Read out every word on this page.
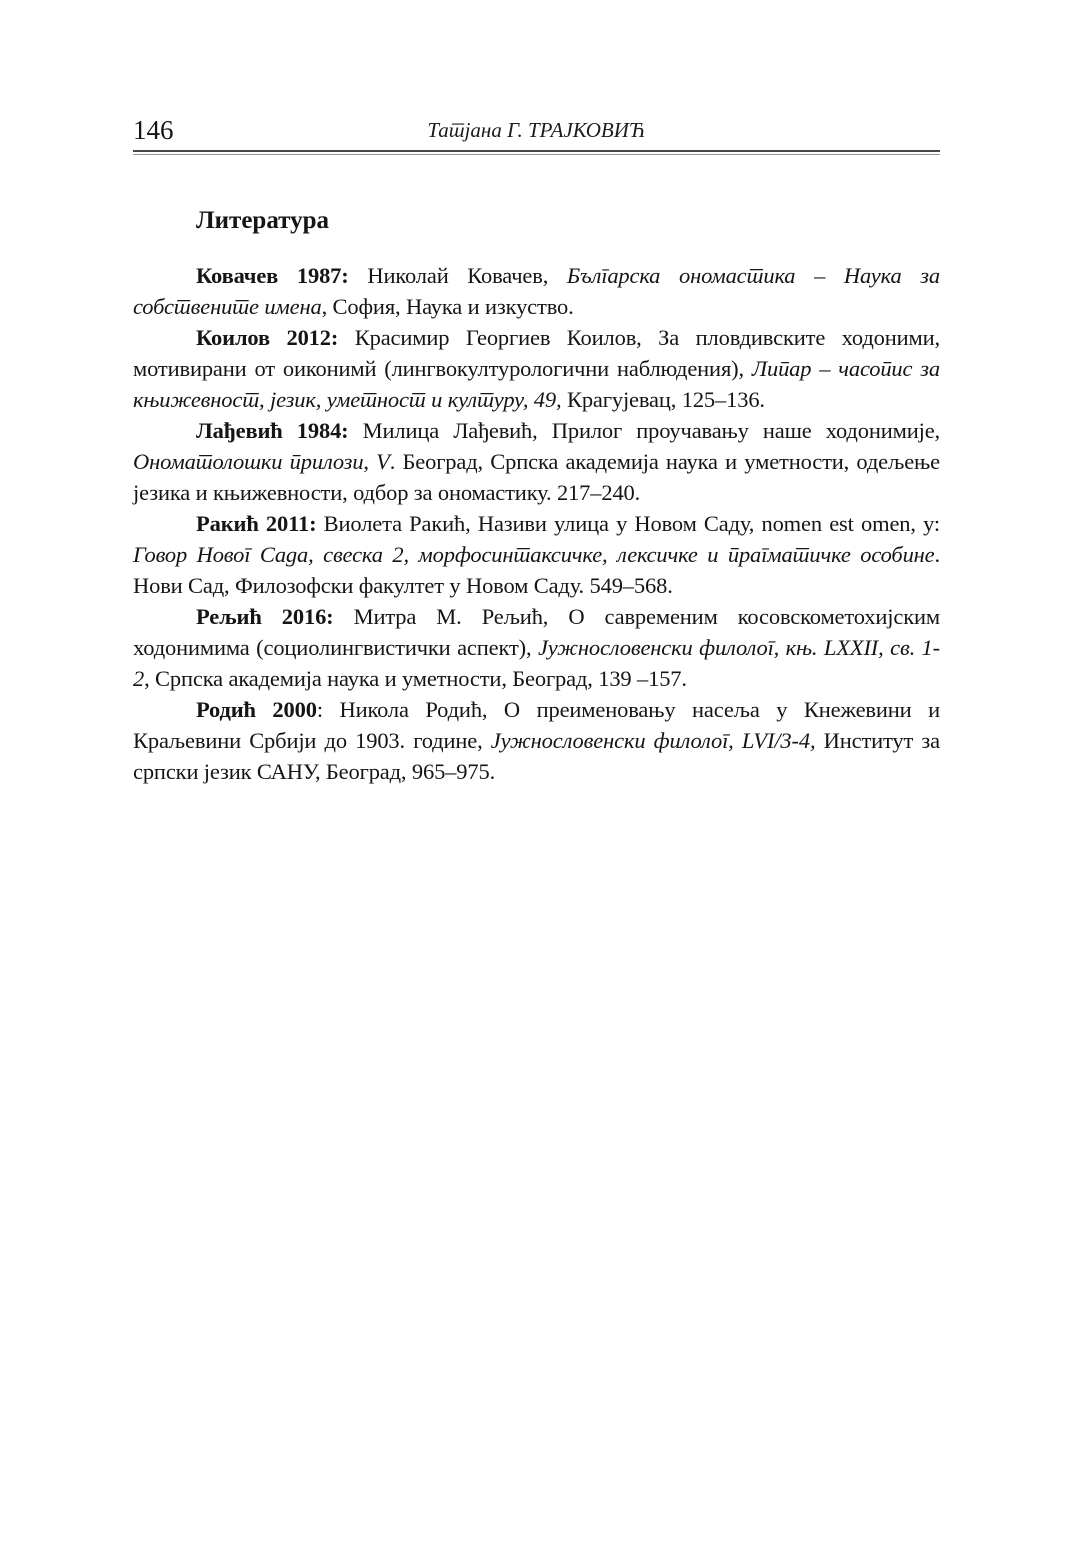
146	Татјана Г. ТРАЈКОВИЋ
Литература

Ковачев 1987: Николай Ковачев, Българска ономастика – Наука за собствените имена, София, Наука и изкуство.

Коилов 2012: Красимир Георгиев Коилов, За пловдивските ходоними, мотивирани от оиконимй (лингвокултурологични наблюдения), Липар – часопис за књижевност, језик, уметност и културу, 49, Крагујевац, 125–136.

Лађевић 1984: Милица Лађевић, Прилог проучавању наше ходонимије, Ономатолошки прилози, V. Београд, Српска академија наука и уметности, одељење језика и књижевности, одбор за ономастику. 217–240.

Ракић 2011: Виолета Ракић, Називи улица у Новом Саду, nomen est omen, у: Говор Новог Сада, свеска 2, морфосинтаксичке, лексичке и прагматичке особине. Нови Сад, Филозофски факултет у Новом Саду. 549–568.

Рељић 2016: Митра М. Рељић, О савременим косовскометохијским ходонимима (социолингвистички аспект), Јужнословенски филолог, књ. LXXII, св. 1-2, Српска академија наука и уметности, Београд, 139 –157.

Родић 2000: Никола Родић, О преименовању насеља у Кнежевини и Краљевини Србији до 1903. године, Јужнословенски филолог, LVI/3-4, Институт за српски језик САНУ, Београд, 965–975.
